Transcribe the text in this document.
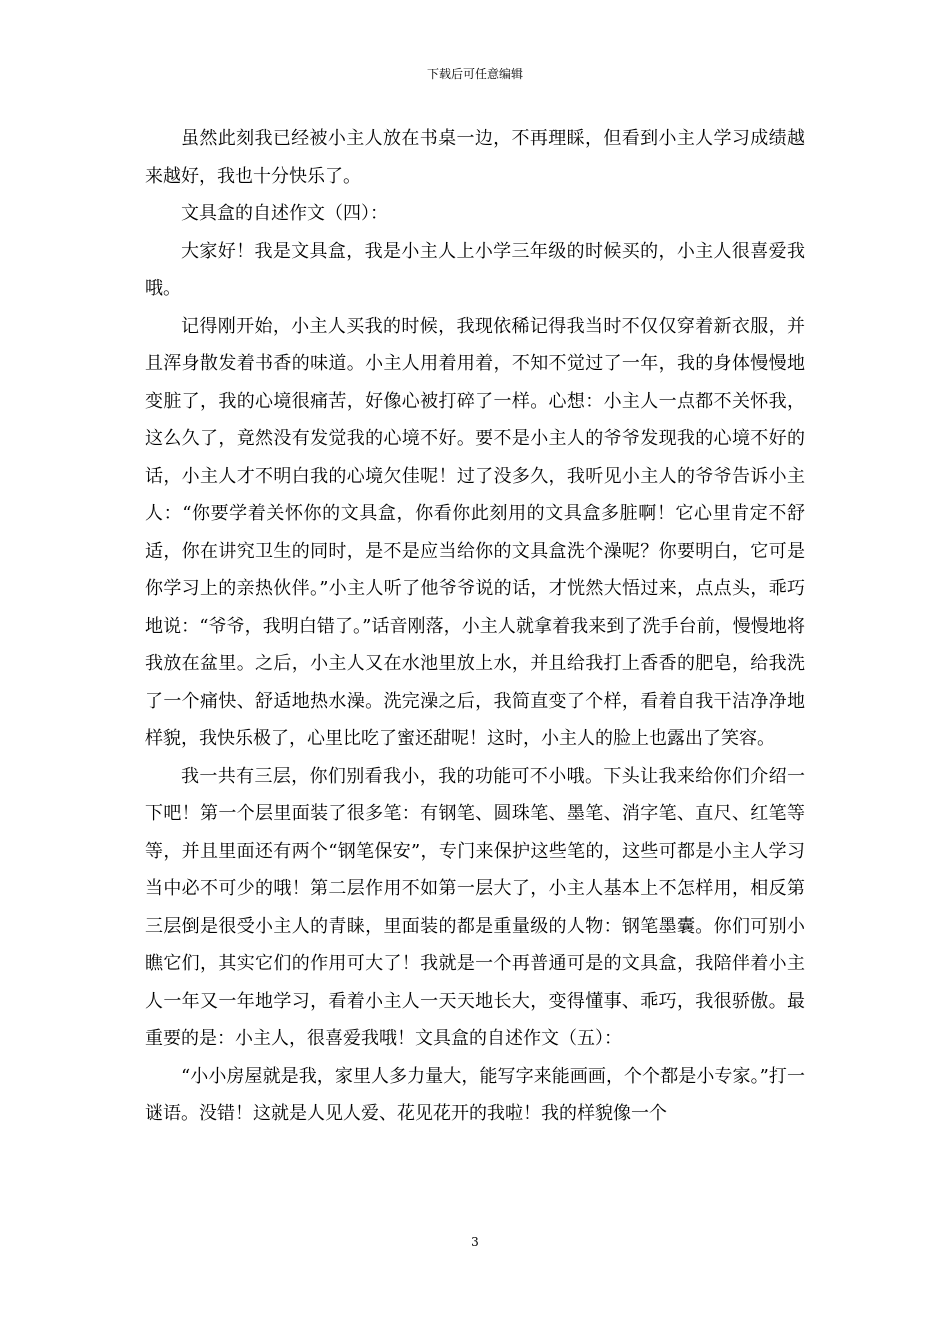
下载后可任意编辑

虽然此刻我已经被小主人放在书桌一边，不再理睬，但看到小主人学习成绩越来越好，我也十分快乐了。

文具盒的自述作文（四）：

大家好！我是文具盒，我是小主人上小学三年级的时候买的，小主人很喜爱我哦。

记得刚开始，小主人买我的时候，我现依稀记得我当时不仅仅穿着新衣服，并且浑身散发着书香的味道。小主人用着用着，不知不觉过了一年，我的身体慢慢地变脏了，我的心境很痛苦，好像心被打碎了一样。心想：小主人一点都不关怀我，这么久了，竟然没有发觉我的心境不好。要不是小主人的爷爷发现我的心境不好的话，小主人才不明白我的心境欠佳呢！过了没多久，我听见小主人的爷爷告诉小主人：“你要学着关怀你的文具盒，你看你此刻用的文具盒多脏啊！它心里肯定不舒适，你在讲究卫生的同时，是不是应当给你的文具盒洗个澡呢？你要明白，它可是你学习上的亲热伙伴。”小主人听了他爷爷说的话，才恍然大悟过来，点点头，乖巧地说：“爷爷，我明白错了。”话音刚落，小主人就拿着我来到了洗手台前，慢慢地将我放在盆里。之后，小主人又在水池里放上水，并且给我打上香香的肥皂，给我洗了一个痛快、舒适地热水澡。洗完澡之后，我简直变了个样，看着自我干洁净净地样貌，我快乐极了，心里比吃了蜜还甜呢！这时，小主人的脸上也露出了笑容。

我一共有三层，你们别看我小，我的功能可不小哦。下头让我来给你们介绍一下吧！第一个层里面装了很多笔：有钢笔、圆珠笔、墨笔、消字笔、直尺、红笔等等，并且里面还有两个“钢笔保安”，专门来保护这些笔的，这些可都是小主人学习当中必不可少的哦！第二层作用不如第一层大了，小主人基本上不怎样用，相反第三层倒是很受小主人的青睐，里面装的都是重量级的人物：钢笔墨囊。你们可别小瞧它们，其实它们的作用可大了！我就是一个再普通可是的文具盒，我陪伴着小主人一年又一年地学习，看着小主人一天天地长大，变得懂事、乖巧，我很骄傲。最重要的是：小主人，很喜爱我哦！文具盒的自述作文（五）：

“小小房屋就是我，家里人多力量大，能写字来能画画，个个都是小专家。”打一谜语。没错！这就是人见人爱、花见花开的我啦！我的样貌像一个

3
